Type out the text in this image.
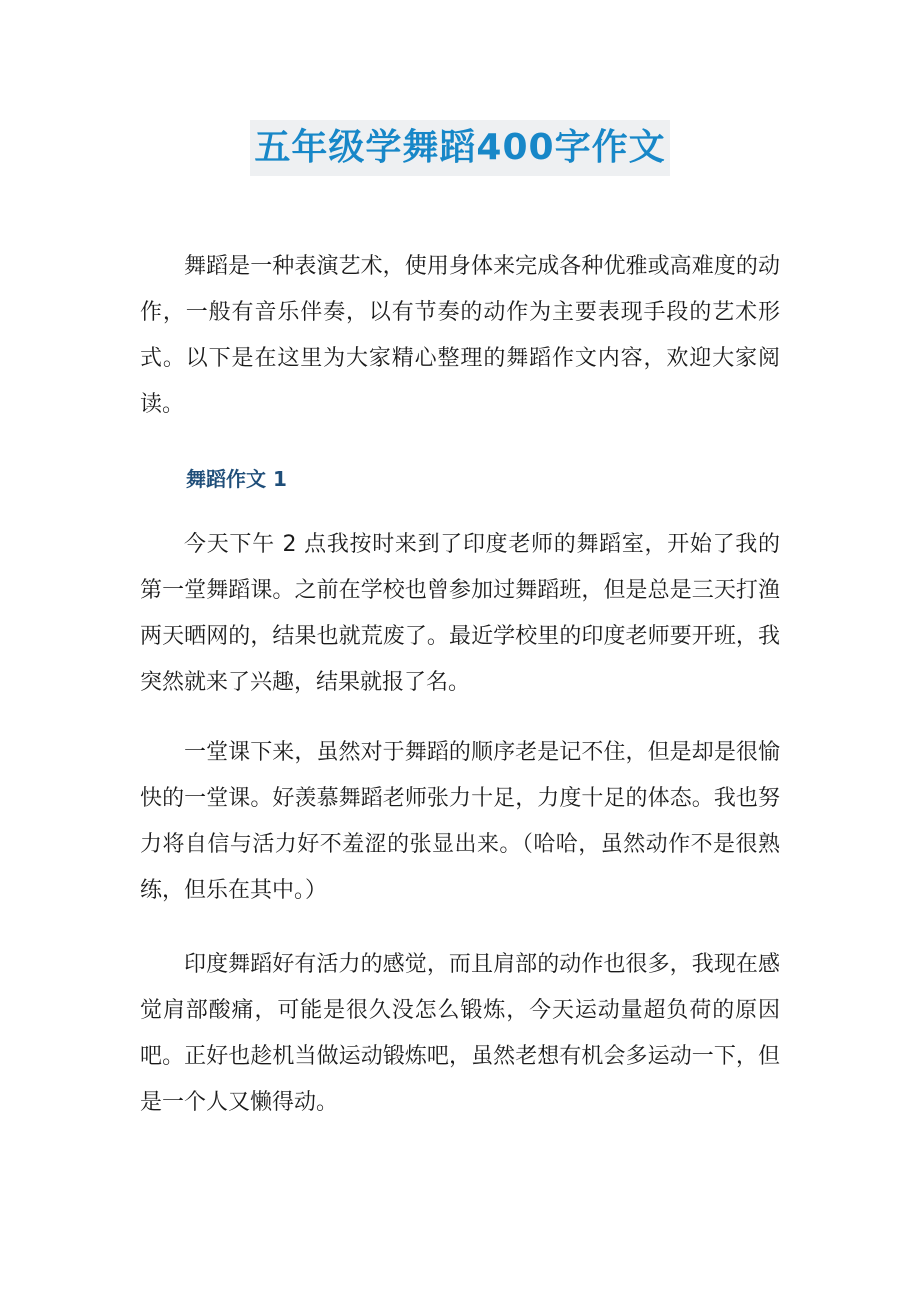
五年级学舞蹈400字作文

舞蹈是一种表演艺术，使用身体来完成各种优雅或高难度的动作，一般有音乐伴奏，以有节奏的动作为主要表现手段的艺术形式。以下是在这里为大家精心整理的舞蹈作文内容，欢迎大家阅读。

舞蹈作文 1

今天下午 2 点我按时来到了印度老师的舞蹈室，开始了我的第一堂舞蹈课。之前在学校也曾参加过舞蹈班，但是总是三天打渔两天晒网的，结果也就荒废了。最近学校里的印度老师要开班，我突然就来了兴趣，结果就报了名。

一堂课下来，虽然对于舞蹈的顺序老是记不住，但是却是很愉快的一堂课。好羡慕舞蹈老师张力十足，力度十足的体态。我也努力将自信与活力好不羞涩的张显出来。（哈哈，虽然动作不是很熟练，但乐在其中。）

印度舞蹈好有活力的感觉，而且肩部的动作也很多，我现在感觉肩部酸痛，可能是很久没怎么锻炼，今天运动量超负荷的原因吧。正好也趁机当做运动锻炼吧，虽然老想有机会多运动一下，但是一个人又懒得动。
